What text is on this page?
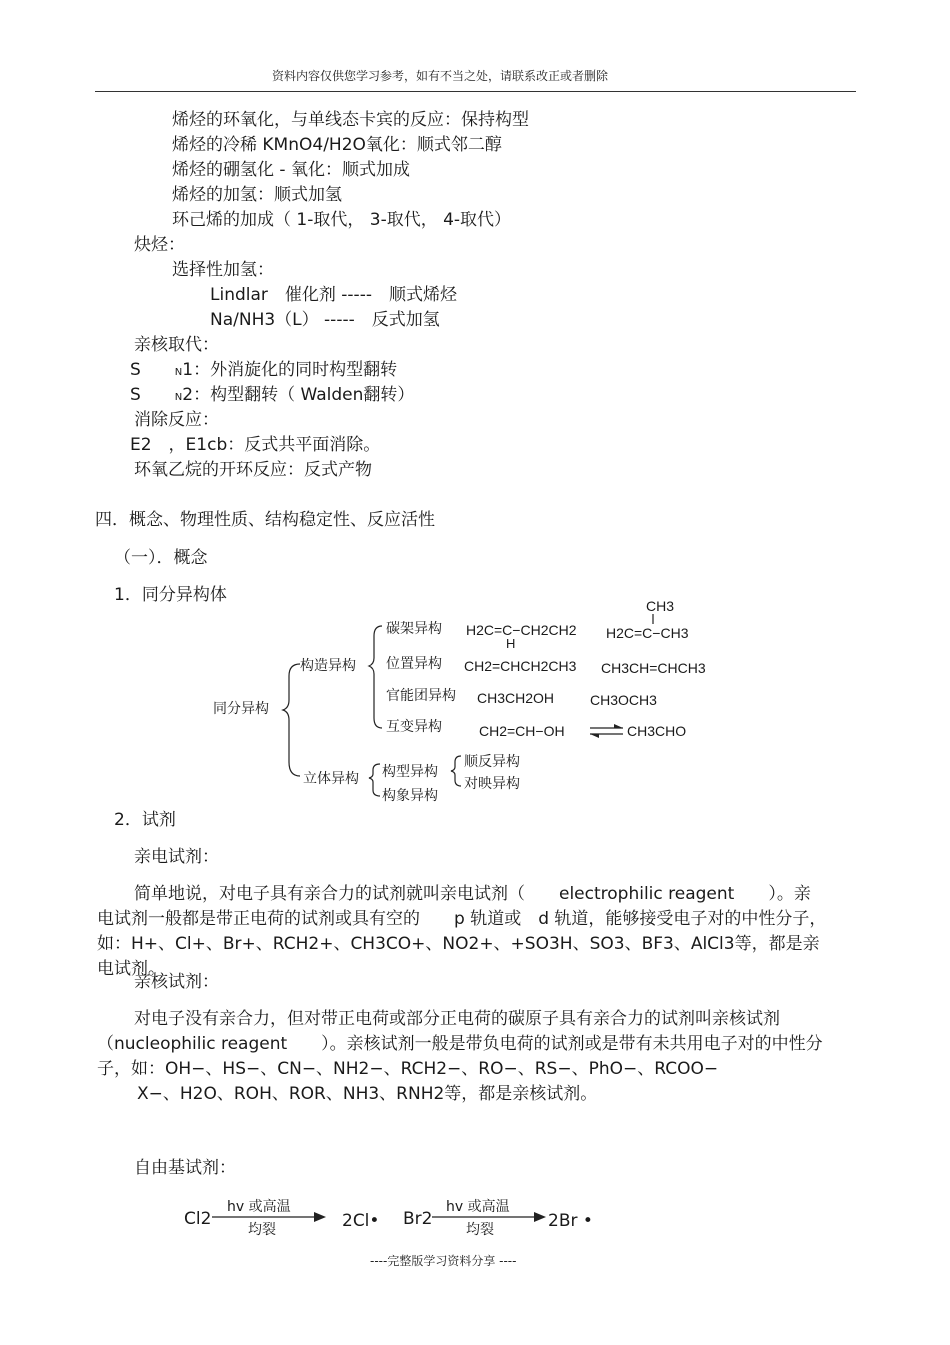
资料内容仅供您学习参考，如有不当之处，请联系改正或者删除
烯烃的环氧化，与单线态卡宾的反应：保持构型
烯烃的冷稀 KMnO4/H2O氧化：顺式邻二醇
烯烃的硼氢化 - 氧化：顺式加成
烯烃的加氢：顺式加氢
环己烯的加成（ 1-取代， 3-取代， 4-取代）
炔烃：
选择性加氢：
Lindlar　催化剂 -----　顺式烯烃
Na/NH3（L） -----　反式加氢
亲核取代：
S	N1：外消旋化的同时构型翻转
S	N2：构型翻转（ Walden翻转）
消除反应：
E2　，E1cb：反式共平面消除。
环氧乙烷的开环反应：反式产物
四．概念、物理性质、结构稳定性、反应活性
（一）．概念
1．同分异构体
同分异构
构造异构
立体异构
碳架异构
位置异构
官能团异构
互变异构
构型异构
构象异构
顺反异构
对映异构
CH3
H2C=C−CH2CH2
H
H2C=C−CH3
CH2=CHCH2CH3 CH3CH=CHCH3
CH3CH2OH	CH3OCH3
CH2=CH−OH	CH3CHO
2．试剂
亲电试剂：
简单地说，对电子具有亲合力的试剂就叫亲电试剂（　　electrophilic reagent　　）。亲电试剂一般都是带正电荷的试剂或具有空的　　p 轨道或　d 轨道，能够接受电子对的中性分子，如：H+、Cl+、Br+、RCH2+、CH3CO+、NO2+、+SO3H、SO3、BF3、AlCl3等，都是亲电试剂。
亲核试剂：
对电子没有亲合力，但对带正电荷或部分正电荷的碳原子具有亲合力的试剂叫亲核试剂（nucleophilic reagent　　）。亲核试剂一般是带负电荷的试剂或是带有未共用电子对的中性分子，如：OH−、HS−、CN−、NH2−、RCH2−、RO−、RS−、PhO−、RCOO−
X−、H2O、ROH、ROR、NH3、RNH2等，都是亲核试剂。
自由基试剂：
Cl2
hv 或高温
均裂	2Cl• Br2
hv 或高温
均裂	2Br •
----完整版学习资料分享 ----
